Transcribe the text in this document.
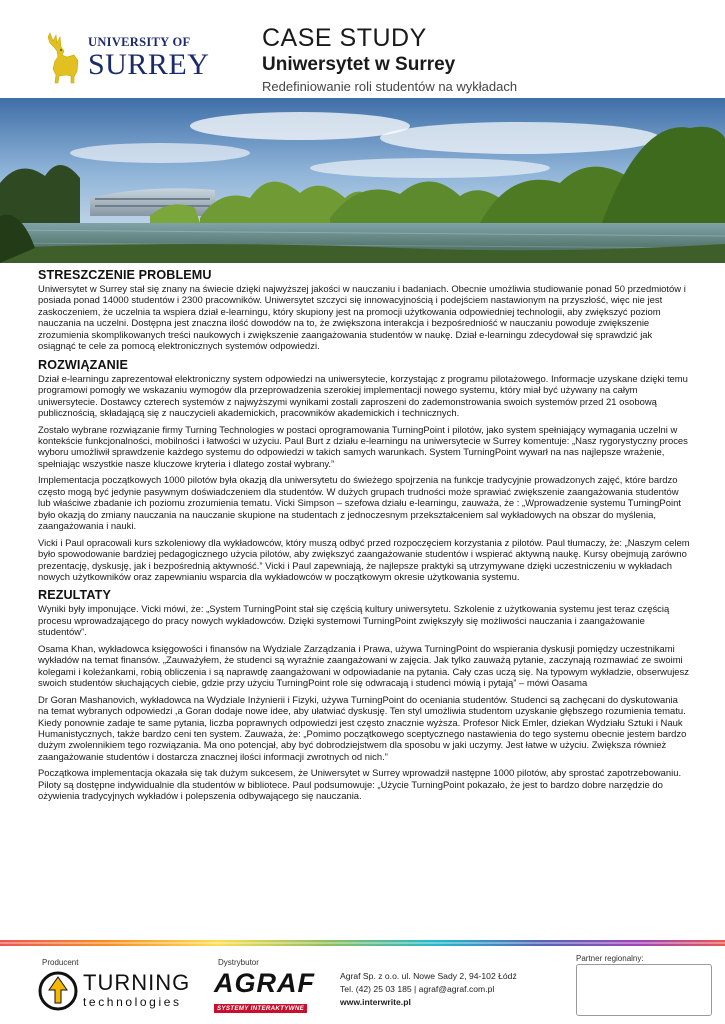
UNIVERSITY OF
SURREY
CASE STUDY
Uniwersytet w Surrey
Redefiniowanie roli studentów na wykładach
STRESZCZENIE PROBLEMU

Uniwersytet w Surrey stał się znany na świecie dzięki najwyższej jakości w nauczaniu i badaniach. Obecnie umożliwia studiowanie ponad 50 przedmiotów i posiada ponad 14000 studentów i 2300 pracowników. Uniwersytet szczyci się innowacyjnością i podejściem nastawionym na przyszłość, więc nie jest zaskoczeniem, że uczelnia ta wspiera dział e-learningu, który skupiony jest na promocji użytkowania odpowiedniej technologii, aby zwiększyć poziom nauczania na uczelni. Dostępna jest znaczna ilość dowodów na to, że zwiększona interakcja i bezpośredniość w nauczaniu powoduje zwiększenie zrozumienia skomplikowanych treści naukowych i zwiększenie zaangażowania studentów w naukę. Dział e-learningu zdecydował się sprawdzić jak osiągnąć te cele za pomocą elektronicznych systemów odpowiedzi.

ROZWIĄZANIE

Dział e-learningu zaprezentował elektroniczny system odpowiedzi na uniwersytecie, korzystając z programu pilotażowego. Informacje uzyskane dzięki temu programowi pomogły we wskazaniu wymogów dla przeprowadzenia szerokiej implementacji nowego systemu, który miał być używany na całym uniwersytecie. Dostawcy czterech systemów z najwyższymi wynikami zostali zaproszeni do zademonstrowania swoich systemów przed 21 osobową publicznością, składającą się z nauczycieli akademickich, pracowników akademickich i technicznych.

Zostało wybrane rozwiązanie firmy Turning Technologies w postaci oprogramowania TurningPoint i pilotów, jako system spełniający wymagania uczelni w kontekście funkcjonalności, mobilności i łatwości w użyciu. Paul Burt z działu e-learningu na uniwersytecie w Surrey komentuje: „Nasz rygorystyczny proces wyboru umożliwił sprawdzenie każdego systemu do odpowiedzi w takich samych warunkach. System TurningPoint wywarł na nas najlepsze wrażenie, spełniając wszystkie nasze kluczowe kryteria i dlatego został wybrany.”

Implementacja początkowych 1000 pilotów była okazją dla uniwersytetu do świeżego spojrzenia na funkcje tradycyjnie prowadzonych zajęć, które bardzo często mogą być jedynie pasywnym doświadczeniem dla studentów. W dużych grupach trudności może sprawiać zwiększenie zaangażowania studentów lub właściwe zbadanie ich poziomu zrozumienia tematu. Vicki Simpson – szefowa działu e-learningu, zauważa, że : „Wprowadzenie systemu TurningPoint było okazją do zmiany nauczania na nauczanie skupione na studentach z jednoczesnym przekształceniem sal wykładowych na obszar do myślenia, zaangażowania i nauki.

Vicki i Paul opracowali kurs szkoleniowy dla wykładowców, który muszą odbyć przed rozpoczęciem korzystania z pilotów. Paul tłumaczy, że: „Naszym celem było spowodowanie bardziej pedagogicznego użycia pilotów, aby zwiększyć zaangażowanie studentów i wspierać aktywną naukę. Kursy obejmują zarówno prezentację, dyskusję, jak i bezpośrednią aktywność.” Vicki i Paul zapewniają, że najlepsze praktyki są utrzymywane dzięki uczestniczeniu w wykładach nowych użytkowników oraz zapewnianiu wsparcia dla wykładowców w początkowym okresie użytkowania systemu.

REZULTATY

Wyniki były imponujące. Vicki mówi, że: „System TurningPoint stał się częścią kultury uniwersytetu. Szkolenie z użytkowania systemu jest teraz częścią procesu wprowadzającego do pracy nowych wykładowców. Dzięki systemowi TurningPoint zwiększyły się możliwości nauczania i zaangażowanie studentów”.

Osama Khan, wykładowca księgowości i finansów na Wydziale Zarządzania i Prawa, używa TurningPoint do wspierania dyskusji pomiędzy uczestnikami wykładów na temat finansów. „Zauważyłem, że studenci są wyraźnie zaangażowani w zajęcia. Jak tylko zauważą pytanie, zaczynają rozmawiać ze swoimi kolegami i koleżankami, robią obliczenia i są naprawdę zaangażowani w odpowiadanie na pytania. Cały czas uczą się. Na typowym wykładzie, obserwujesz swoich studentów słuchających ciebie, gdzie przy użyciu TurningPoint role się odwracają i studenci mówią i pytają” – mówi Oasama

Dr Goran Mashanovich, wykładowca na Wydziale Inżynierii i Fizyki, używa TurningPoint do oceniania studentów. Studenci są zachęcani do dyskutowania na temat wybranych odpowiedzi ,a Goran dodaje nowe idee, aby ułatwiać dyskusję. Ten styl umożliwia studentom uzyskanie głębszego rozumienia tematu. Kiedy ponownie zadaje te same pytania, liczba poprawnych odpowiedzi jest często znacznie wyższa. Profesor Nick Emler, dziekan Wydziału Sztuki i Nauk Humanistycznych, także bardzo ceni ten system. Zauważa, że: „Pomimo początkowego sceptycznego nastawienia do tego systemu obecnie jestem bardzo dużym zwolennikiem tego rozwiązania. Ma ono potencjał, aby być dobrodziejstwem dla sposobu w jaki uczymy. Jest łatwe w użyciu. Zwiększa również zaangażowanie studentów i dostarcza znacznej ilości informacji zwrotnych od nich.”

Początkowa implementacja okazała się tak dużym sukcesem, że Uniwersytet w Surrey wprowadził następne 1000 pilotów, aby sprostać zapotrzebowaniu. Piloty są dostępne indywidualnie dla studentów w bibliotece. Paul podsumowuje: „Użycie TurningPoint pokazało, że jest to bardzo dobre narzędzie do ożywienia tradycyjnych wykładów i polepszenia odbywającego się nauczania.

Producent
TURNING
technologies
Dystrybutor
AGRAF
SYSTEMY INTERAKTYWNE
Agraf Sp. z o.o. ul. Nowe Sady 2, 94-102 Łódź
Tel. (42) 25 03 185 | agraf@agraf.com.pl
www.interwrite.pl
Partner regionalny:
